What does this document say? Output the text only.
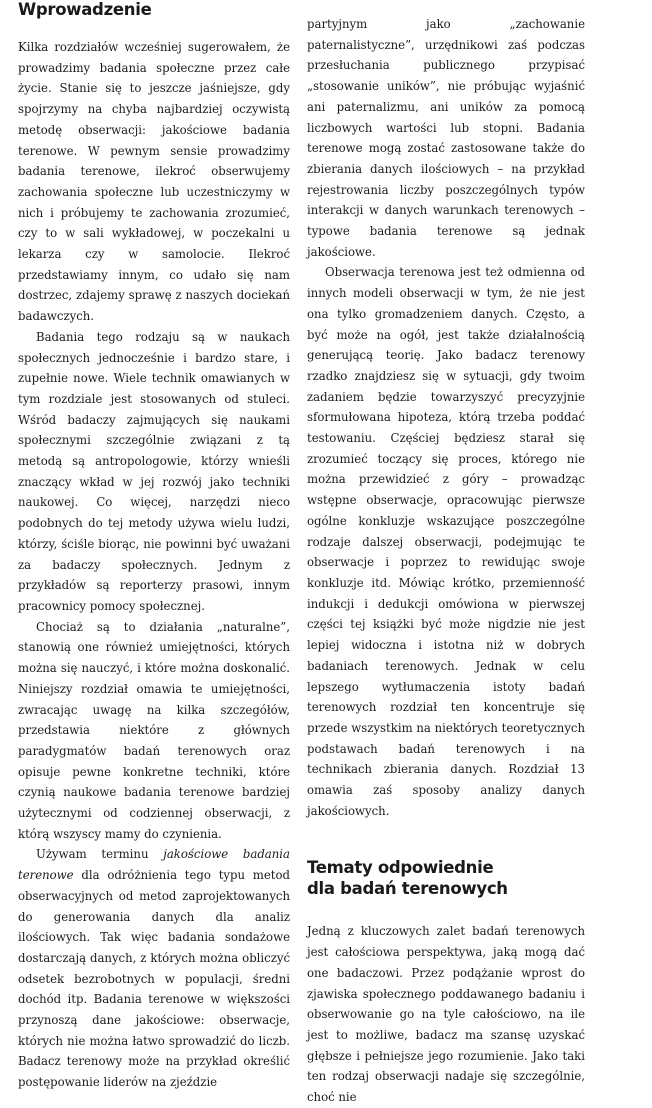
Wprowadzenie

Kilka rozdziałów wcześniej sugerowałem, że prowadzimy badania społeczne przez całe życie. Stanie się to jeszcze jaśniejsze, gdy spojrzymy na chyba najbardziej oczywistą metodę obserwacji: jakościowe badania terenowe. W pewnym sensie prowadzimy badania terenowe, ilekroć obserwujemy zachowania społeczne lub uczestniczymy w nich i próbujemy te zachowania zrozumieć, czy to w sali wykładowej, w poczekalni u lekarza czy w samolocie. Ilekroć przedstawiamy innym, co udało się nam dostrzec, zdajemy sprawę z naszych dociekań badawczych.

Badania tego rodzaju są w naukach społecznych jednocześnie i bardzo stare, i zupełnie nowe. Wiele technik omawianych w tym rozdziale jest stosowanych od stuleci. Wśród badaczy zajmujących się naukami społecznymi szczególnie związani z tą metodą są antropologowie, którzy wnieśli znaczący wkład w jej rozwój jako techniki naukowej. Co więcej, narzędzi nieco podobnych do tej metody używa wielu ludzi, którzy, ściśle biorąc, nie powinni być uważani za badaczy społecznych. Jednym z przykładów są reporterzy prasowi, innym pracownicy pomocy społecznej.

Chociaż są to działania „naturalne”, stanowią one również umiejętności, których można się nauczyć, i które można doskonalić. Niniejszy rozdział omawia te umiejętności, zwracając uwagę na kilka szczegółów, przedstawia niektóre z głównych paradygmatów badań terenowych oraz opisuje pewne konkretne techniki, które czynią naukowe badania terenowe bardziej użytecznymi od codziennej obserwacji, z którą wszyscy mamy do czynienia.

Używam terminu jakościowe badania terenowe dla odróżnienia tego typu metod obserwacyjnych od metod zaprojektowanych do generowania danych dla analiz ilościowych. Tak więc badania sondażowe dostarczają danych, z których można obliczyć odsetek bezrobotnych w populacji, średni dochód itp. Badania terenowe w większości przynoszą dane jakościowe: obserwacje, których nie można łatwo sprowadzić do liczb. Badacz terenowy może na przykład określić postępowanie liderów na zjeździe

partyjnym jako „zachowanie paternalistyczne”, urzędnikowi zaś podczas przesłuchania publicznego przypisać „stosowanie uników”, nie próbując wyjaśnić ani paternalizmu, ani uników za pomocą liczbowych wartości lub stopni. Badania terenowe mogą zostać zastosowane także do zbierania danych ilościowych – na przykład rejestrowania liczby poszczególnych typów interakcji w danych warunkach terenowych – typowe badania terenowe są jednak jakościowe.

Obserwacja terenowa jest też odmienna od innych modeli obserwacji w tym, że nie jest ona tylko gromadzeniem danych. Często, a być może na ogół, jest także działalnością generującą teorię. Jako badacz terenowy rzadko znajdziesz się w sytuacji, gdy twoim zadaniem będzie towarzyszyć precyzyjnie sformułowana hipoteza, którą trzeba poddać testowaniu. Częściej będziesz starał się zrozumieć toczący się proces, którego nie można przewidzieć z góry – prowadząc wstępne obserwacje, opracowując pierwsze ogólne konkluzje wskazujące poszczególne rodzaje dalszej obserwacji, podejmując te obserwacje i poprzez to rewidując swoje konkluzje itd. Mówiąc krótko, przemienność indukcji i dedukcji omówiona w pierwszej części tej książki być może nigdzie nie jest lepiej widoczna i istotna niż w dobrych badaniach terenowych. Jednak w celu lepszego wytłumaczenia istoty badań terenowych rozdział ten koncentruje się przede wszystkim na niektórych teoretycznych podstawach badań terenowych i na technikach zbierania danych. Rozdział 13 omawia zaś sposoby analizy danych jakościowych.

Tematy odpowiednie
dla badań terenowych

Jedną z kluczowych zalet badań terenowych jest całościowa perspektywa, jaką mogą dać one badaczowi. Przez podążanie wprost do zjawiska społecznego poddawanego badaniu i obserwowanie go na tyle całościowo, na ile jest to możliwe, badacz ma szansę uzyskać głębsze i pełniejsze jego rozumienie. Jako taki ten rodzaj obserwacji nadaje się szczególnie, choć nie
